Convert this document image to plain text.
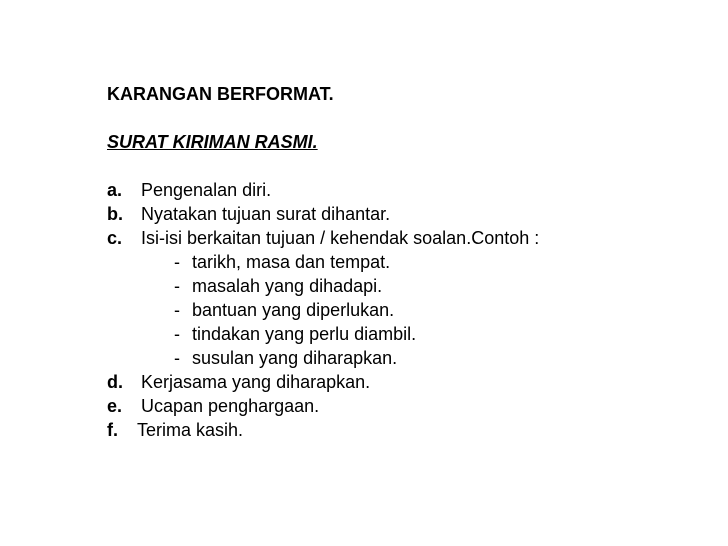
KARANGAN BERFORMAT.
SURAT KIRIMAN RASMI.
a. Pengenalan diri.
b. Nyatakan tujuan surat dihantar.
c. Isi-isi berkaitan tujuan / kehendak soalan.Contoh :
- tarikh, masa dan tempat.
- masalah yang dihadapi.
- bantuan yang diperlukan.
- tindakan yang perlu diambil.
- susulan yang diharapkan.
d. Kerjasama yang diharapkan.
e. Ucapan penghargaan.
f. Terima kasih.
